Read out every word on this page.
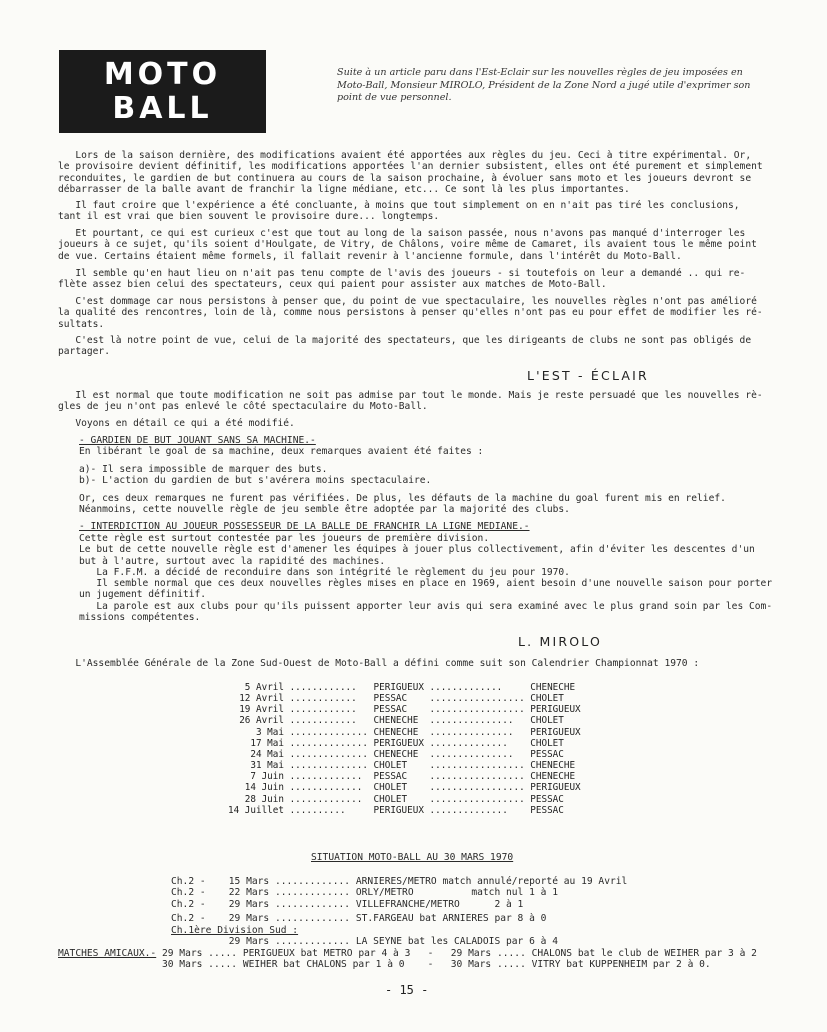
MOTO
BALL
Suite à un article paru dans l'Est-Eclair sur les nouvelles règles de jeu imposées en Moto-Ball, Monsieur MIROLO, Président de la Zone Nord a jugé utile d'exprimer son point de vue personnel.
Lors de la saison dernière, des modifications avaient été apportées aux règles du jeu. Ceci à titre expérimental. Or,
le provisoire devient définitif, les modifications apportées l'an dernier subsistent, elles ont été purement et simplement
reconduites, le gardien de but continuera au cours de la saison prochaine, à évoluer sans moto et les joueurs devront se
débarrasser de la balle avant de franchir la ligne médiane, etc... Ce sont là les plus importantes.
Il faut croire que l'expérience a été concluante, à moins que tout simplement on en n'ait pas tiré les conclusions,
tant il est vrai que bien souvent le provisoire dure... longtemps.
Et pourtant, ce qui est curieux c'est que tout au long de la saison passée, nous n'avons pas manqué d'interroger les
joueurs à ce sujet, qu'ils soient d'Houlgate, de Vitry, de Châlons, voire même de Camaret, ils avaient tous le même point
de vue. Certains étaient même formels, il fallait revenir à l'ancienne formule, dans l'intérêt du Moto-Ball.
Il semble qu'en haut lieu on n'ait pas tenu compte de l'avis des joueurs - si toutefois on leur a demandé .. qui re-
flète assez bien celui des spectateurs, ceux qui paient pour assister aux matches de Moto-Ball.
C'est dommage car nous persistons à penser que, du point de vue spectaculaire, les nouvelles règles n'ont pas amélioré
la qualité des rencontres, loin de là, comme nous persistons à penser qu'elles n'ont pas eu pour effet de modifier les ré-
sultats.
C'est là notre point de vue, celui de la majorité des spectateurs, que les dirigeants de clubs ne sont pas obligés de
partager.
L'EST - ÉCLAIR
Il est normal que toute modification ne soit pas admise par tout le monde. Mais je reste persuadé que les nouvelles rè-
gles de jeu n'ont pas enlevé le côté spectaculaire du Moto-Ball.
Voyons en détail ce qui a été modifié.
- GARDIEN DE BUT JOUANT SANS SA MACHINE.-
En libérant le goal de sa machine, deux remarques avaient été faites :
a)- Il sera impossible de marquer des buts.
b)- L'action du gardien de but s'avérera moins spectaculaire.
Or, ces deux remarques ne furent pas vérifiées. De plus, les défauts de la machine du goal furent mis en relief.
Néanmoins, cette nouvelle règle de jeu semble être adoptée par la majorité des clubs.
- INTERDICTION AU JOUEUR POSSESSEUR DE LA BALLE DE FRANCHIR LA LIGNE MEDIANE.-
Cette règle est surtout contestée par les joueurs de première division.
Le but de cette nouvelle règle est d'amener les équipes à jouer plus collectivement, afin d'éviter les descentes d'un
but à l'autre, surtout avec la rapidité des machines.
La F.F.M. a décidé de reconduire dans son intégrité le règlement du jeu pour 1970.
Il semble normal que ces deux nouvelles règles mises en place en 1969, aient besoin d'une nouvelle saison pour porter
un jugement définitif.
La parole est aux clubs pour qu'ils puissent apporter leur avis qui sera examiné avec le plus grand soin par les Com-
missions compétentes.
L. MIROLO
L'Assemblée Générale de la Zone Sud-Ouest de Moto-Ball a défini comme suit son Calendrier Championnat 1970 :
5 Avril	............	PERIGUEUX	.............	CHENECHE
12 Avril	............	PESSAC	.................	CHOLET
19 Avril	............	PESSAC	.................	PERIGUEUX
26 Avril	............	CHENECHE	...............	CHOLET
3 Mai	..............	CHENECHE	...............	PERIGUEUX
17 Mai	..............	PERIGUEUX	..............	CHOLET
24 Mai	..............	CHENECHE	...............	PESSAC
31 Mai	..............	CHOLET	.................	CHENECHE
7 Juin	.............	PESSAC	.................	CHENECHE
14 Juin	.............	CHOLET	.................	PERIGUEUX
28 Juin	.............	CHOLET	.................	PESSAC
14 Juillet	..........	PERIGUEUX	..............	PESSAC
SITUATION MOTO-BALL AU 30 MARS 1970
Ch.2 -    15 Mars ............. ARNIERES/METRO match annulé/reporté au 19 Avril
Ch.2 -    22 Mars ............. ORLY/METRO          match nul 1 à 1
Ch.2 -    29 Mars ............. VILLEFRANCHE/METRO      2 à 1
Ch.2 -    29 Mars ............. ST.FARGEAU bat ARNIERES par 8 à 0
Ch.1ère Division Sud :
29 Mars ............. LA SEYNE bat les CALADOIS par 6 à 4
MATCHES AMICAUX.- 29 Mars ..... PERIGUEUX bat METRO par 4 à 3   -   29 Mars ..... CHALONS bat le club de WEIHER par 3 à 2
30 Mars ..... WEIHER bat CHALONS par 1 à 0    -   30 Mars ..... VITRY bat KUPPENHEIM par 2 à 0.
- 15 -
